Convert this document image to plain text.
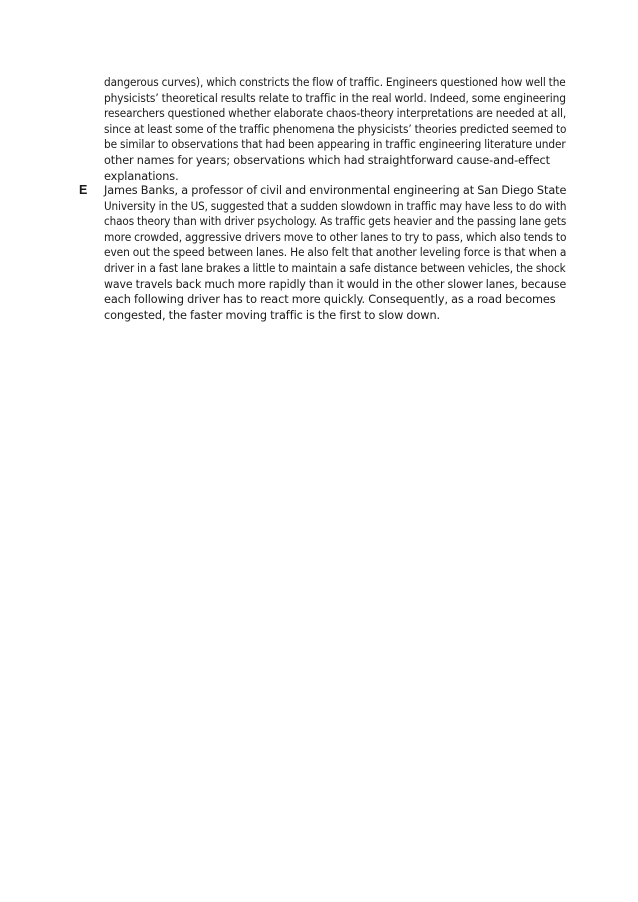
dangerous curves), which constricts the flow of traffic. Engineers questioned how well the
physicists’ theoretical results relate to traffic in the real world. Indeed, some engineering
researchers questioned whether elaborate chaos-theory interpretations are needed at all,
since at least some of the traffic phenomena the physicists’ theories predicted seemed to
be similar to observations that had been appearing in traffic engineering literature under
other names for years; observations which had straightforward cause-and-effect
explanations.

E James Banks, a professor of civil and environmental engineering at San Diego State
University in the US, suggested that a sudden slowdown in traffic may have less to do with
chaos theory than with driver psychology. As traffic gets heavier and the passing lane gets
more crowded, aggressive drivers move to other lanes to try to pass, which also tends to
even out the speed between lanes. He also felt that another leveling force is that when a
driver in a fast lane brakes a little to maintain a safe distance between vehicles, the shock
wave travels back much more rapidly than it would in the other slower lanes, because
each following driver has to react more quickly. Consequently, as a road becomes
congested, the faster moving traffic is the first to slow down.
